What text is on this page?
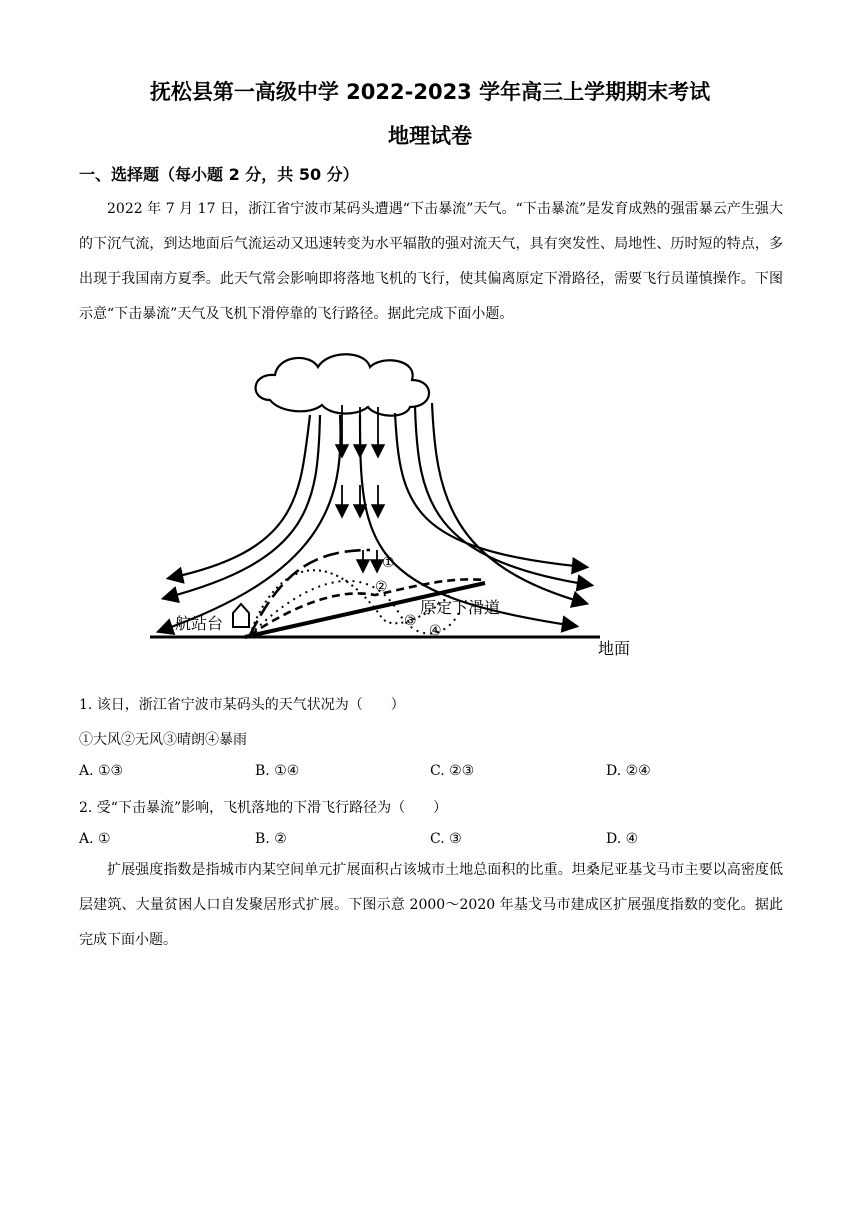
抚松县第一高级中学 2022-2023 学年高三上学期期末考试
地理试卷
一、选择题（每小题 2 分，共 50 分）
2022 年 7 月 17 日，浙江省宁波市某码头遭遇“下击暴流”天气。“下击暴流”是发育成熟的强雷暴云产生强大的下沉气流，到达地面后气流运动又迅速转变为水平辐散的强对流天气，具有突发性、局地性、历时短的特点，多出现于我国南方夏季。此天气常会影响即将落地飞机的飞行，使其偏离原定下滑路径，需要飞行员谨慎操作。下图示意“下击暴流”天气及飞机下滑停靠的飞行路径。据此完成下面小题。
①
②
③
④
航站台
原定下滑道
地面
1. 该日，浙江省宁波市某码头的天气状况为（　　）
①大风②无风③晴朗④暴雨
A. ①③	B. ①④	C. ②③	D. ②④
2. 受“下击暴流”影响，飞机落地的下滑飞行路径为（　　）
A. ①	B. ②	C. ③	D. ④
扩展强度指数是指城市内某空间单元扩展面积占该城市土地总面积的比重。坦桑尼亚基戈马市主要以高密度低层建筑、大量贫困人口自发聚居形式扩展。下图示意 2000～2020 年基戈马市建成区扩展强度指数的变化。据此完成下面小题。
